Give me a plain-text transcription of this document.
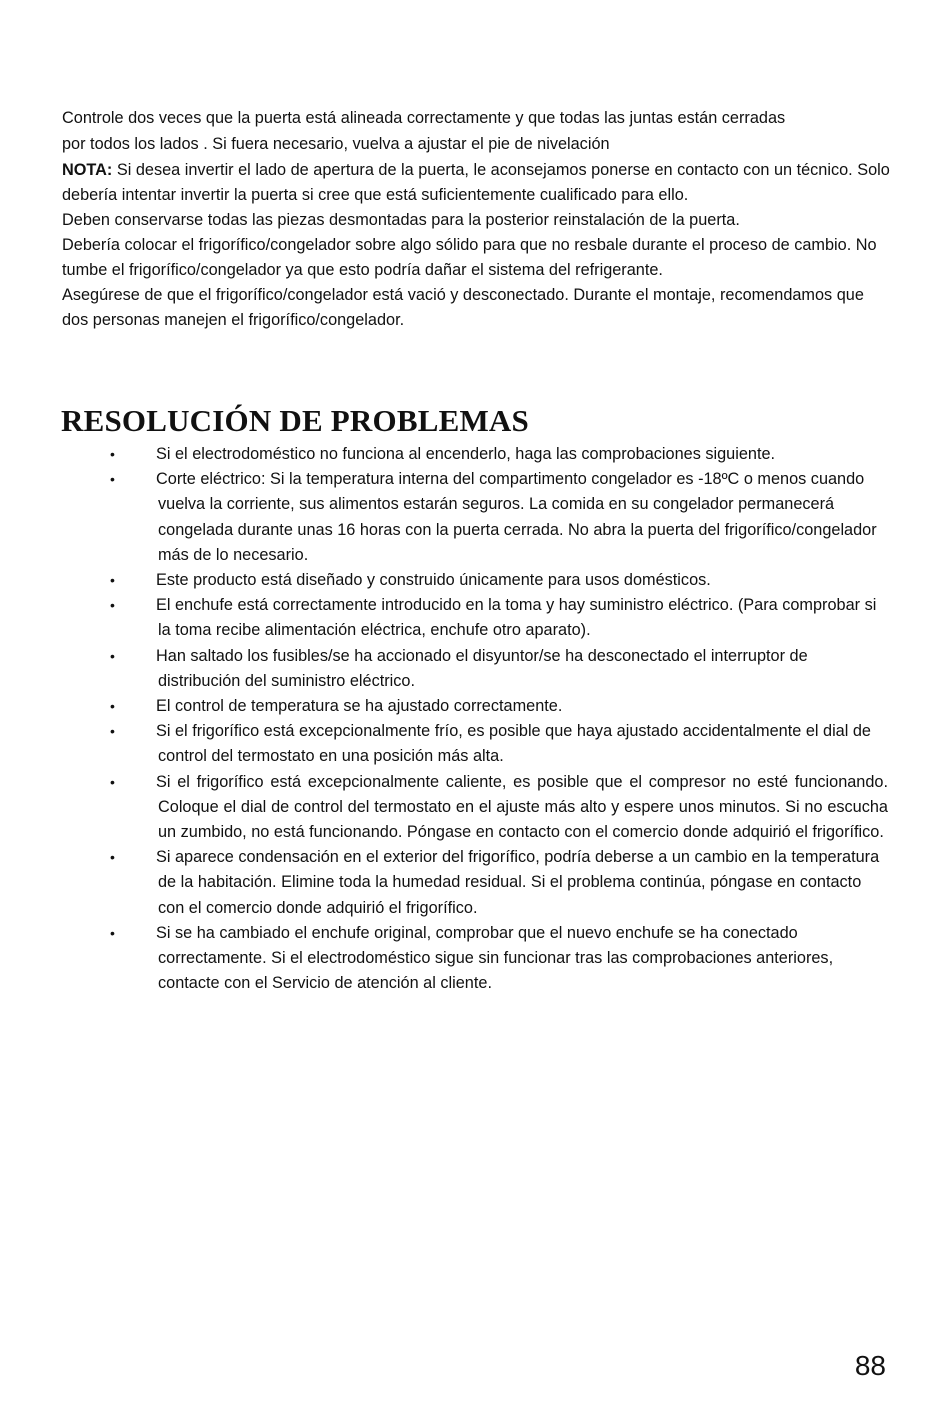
Controle dos veces que la puerta está alineada correctamente y que todas las juntas están cerradas

por todos los lados . Si fuera necesario, vuelva a ajustar el pie de nivelación

NOTA: Si desea invertir el lado de apertura de la puerta, le aconsejamos ponerse en contacto con un técnico. Solo debería intentar invertir la puerta si cree que está suficientemente cualificado para ello.

Deben conservarse todas las piezas desmontadas para la posterior reinstalación de la puerta.

Debería colocar el frigorífico/congelador sobre algo sólido para que no resbale durante el proceso de cambio. No tumbe el frigorífico/congelador ya que esto podría dañar el sistema del refrigerante.

Asegúrese de que el frigorífico/congelador está vació y desconectado. Durante el montaje, recomendamos que dos personas manejen el frigorífico/congelador.

RESOLUCIÓN DE PROBLEMAS
•	Si el electrodoméstico no funciona al encenderlo, haga las comprobaciones siguiente.
•	Corte eléctrico: Si la temperatura interna del compartimento congelador es -18ºC o menos cuando vuelva la corriente, sus alimentos estarán seguros. La comida en su congelador permanecerá congelada durante unas 16 horas con la puerta cerrada. No abra la puerta del frigorífico/congelador más de lo necesario.
•	Este producto está diseñado y construido únicamente para usos domésticos.
•	El enchufe está correctamente introducido en la toma y hay suministro eléctrico. (Para comprobar si la toma recibe alimentación eléctrica, enchufe otro aparato).
•	Han saltado los fusibles/se ha accionado el disyuntor/se ha desconectado el interruptor de distribución del suministro eléctrico.
•	El control de temperatura se ha ajustado correctamente.
•	Si el frigorífico está excepcionalmente frío, es posible que haya ajustado accidentalmente el dial de control del termostato en una posición más alta.
•	Si el frigorífico está excepcionalmente caliente, es posible que el compresor no esté funcionando. Coloque el dial de control del termostato en el ajuste más alto y espere unos minutos. Si no escucha un zumbido, no está funcionando. Póngase en contacto con el comercio donde adquirió el frigorífico.
•	Si aparece condensación en el exterior del frigorífico, podría deberse a un cambio en la temperatura de la habitación. Elimine toda la humedad residual. Si el problema continúa, póngase en contacto con el comercio donde adquirió el frigorífico.
•	Si se ha cambiado el enchufe original, comprobar que el nuevo enchufe se ha conectado correctamente. Si el electrodoméstico sigue sin funcionar tras las comprobaciones anteriores, contacte con el Servicio de atención al cliente.
88
